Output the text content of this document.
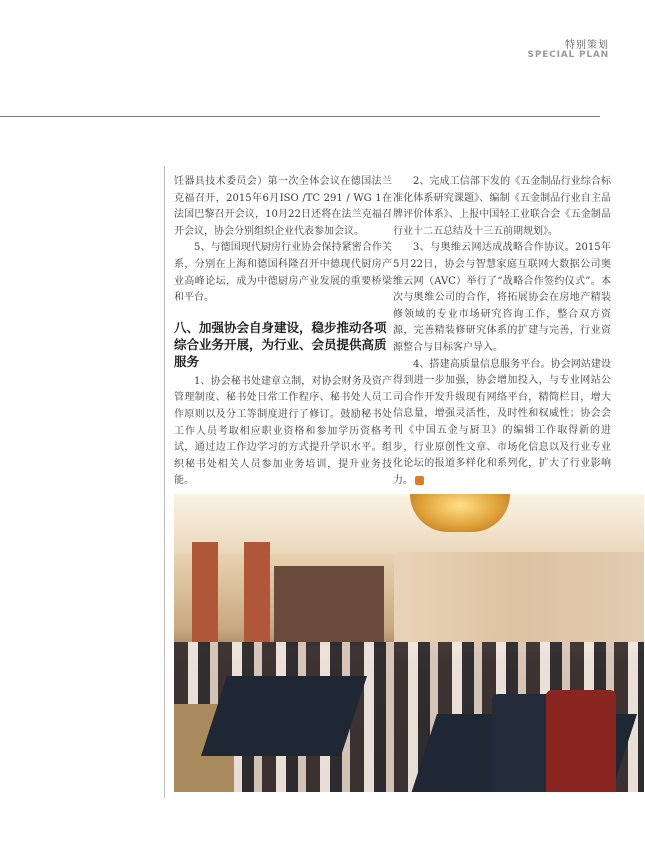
特别策划
SPECIAL PLAN

饪器具技术委员会）第一次全体会议在德国法兰克福召开，2015年6月ISO /TC 291 / WG 1在法国巴黎召开会议，10月22日还将在法兰克福召开会议，协会分别组织企业代表参加会议。

5、与德国现代厨房行业协会保持紧密合作关系，分别在上海和德国科隆召开中德现代厨房产业高峰论坛，成为中德厨房产业发展的重要桥梁和平台。

八、加强协会自身建设，稳步推动各项综合业务开展，为行业、会员提供高质服务

1、协会秘书处建章立制，对协会财务及资产管理制度、秘书处日常工作程序、秘书处人员工作原则以及分工等制度进行了修订。鼓励秘书处工作人员考取相应职业资格和参加学历资格考试，通过边工作边学习的方式提升学识水平。组织秘书处相关人员参加业务培训，提升业务技能。

2、完成工信部下发的《五金制品行业综合标准化体系研究课题》、编制《五金制品行业自主品牌评价体系》、上报中国轻工业联合会《五金制品行业十二五总结及十三五前期规划》。

3、与奥维云网达成战略合作协议。2015年5月22日，协会与智慧家庭互联网大数据公司奥维云网（AVC）举行了“战略合作签约仪式”。本次与奥维公司的合作，将拓展协会在房地产精装修领域的专业市场研究咨询工作，整合双方资源，完善精装修研究体系的扩建与完善，行业资源整合与目标客户导入。

4、搭建高质量信息服务平台。协会网站建设得到进一步加强，协会增加投入，与专业网站公司合作开发升级现有网络平台，精简栏目，增大信息量，增强灵活性，及时性和权威性；协会会刊《中国五金与厨卫》的编辑工作取得新的进步，行业原创性文章、市场化信息以及行业专业化论坛的报道多样化和系列化，扩大了行业影响力。
